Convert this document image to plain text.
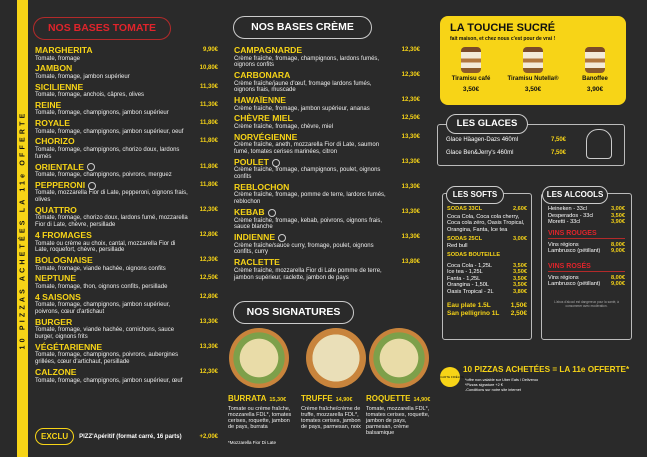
10 PIZZAS ACHETÉES LA 11e OFFERTE
NOS BASES TOMATE
MARGHERITA
Tomate, fromage
9,90€
JAMBON
Tomate, fromage, jambon supérieur
10,80€
SICILIENNE
Tomate, fromage, anchois, câpres, olives
11,30€
REINE
Tomate, fromage, champignons, jambon supérieur
11,30€
ROYALE
Tomate, fromage, champignons, jambon supérieur, oeuf
11,80€
CHORIZO
Tomate, fromage, champignons, chorizo doux, lardons fumés
11,80€
ORIENTALE
Tomate, fromage, champignons, poivrons, merguez
11,80€
PEPPERONI
Tomate, mozzarella Fior di Late, pepperoni, oignons frais, olives
11,80€
QUATTRO
Tomate, fromage, chorizo doux, lardons fumé, mozzarella Fior di Late, chèvre, persillade
12,30€
4 FROMAGES
Tomate ou crème au choix, cantal, mozzarella Fior di Late, roquefort, chèvre, persillade
12,80€
BOLOGNAISE
Tomate, fromage, viande hachée, oignons confits
12,30€
NEPTUNE
Tomate, fromage, thon, oignons confits, persillade
12,50€
4 SAISONS
Tomate, fromage, champignons, jambon supérieur, poivrons, cœur d'artichaut
12,80€
BURGER
Tomate, fromage, viande hachée, cornichons, sauce burger, oignons frits
13,30€
VÉGÉTARIENNE
Tomate, fromage, champignons, poivrons, aubergines grillées, cœur d'artichaut, persillade
13,30€
CALZONE
Tomate, fromage, champignons, jambon supérieur, œuf
12,30€
EXCLU	PIZZ'Apéritif (format carré, 16 parts)	+2,00€
NOS BASES CRÈME
CAMPAGNARDE
Crème fraîche, fromage, champignons, lardons fumés, oignons confits
12,30€
CARBONARA
Crème fraîche/jaune d'œuf, fromage lardons fumés, oignons frais, muscade
12,30€
HAWAÏENNE
Crème fraîche, fromage, jambon supérieur, ananas
12,30€
CHÈVRE MIEL
Crème fraîche, fromage, chèvre, miel
12,50€
NORVÉGIENNE
Crème fraîche, aneth, mozzarella Fior di Late, saumon fumé, tomates cerises marinées, citron
13,30€
POULET
Crème fraîche, fromage, champignons, poulet, oignons confits
13,30€
REBLOCHON
Crème fraîche, fromage, pomme de terre, lardons fumés, reblochon
13,30€
KEBAB
Crème fraîche, fromage, kebab, poivrons, oignons frais, sauce blanche
13,30€
INDIENNE
Crème fraîche/sauce curry, fromage, poulet, oignons confits, curry
13,30€
RACLETTE
Crème fraîche, mozzarella Fior di Late pomme de terre, jambon supérieur, raclette, jambon de pays
13,80€
NOS SIGNATURES
BURRATA 15,30€
Tomate ou crème fraîche, mozzarella FDL*, tomates cerises, roquette, jambon de pays, burrata
TRUFFE 14,90€
Crème fraîche/crème de truffe, mozzarella FDL*, tomates cerises, jambon de pays, parmesan, noix
ROQUETTE 14,90€
Tomate, mozzarella FDL*, tomates cerises, roquette, jambon de pays, parmesan, crème balsamique
*Mozzarella Fior Di Late
LA TOUCHE SUCRÉ
fait maison, et chez nous c'est pour de vrai !
Tiramisu café
3,50€
Tiramisu Nutella®
3,50€
Banoffee
3,90€
Glace Häagen-Dazs 460ml	7,50€
Glace Ben&Jerry's 460ml	7,50€
LES GLACES
SODAS 33CL	2,60€
Coca Cola, Coca cola cherry, Coca cola zéro, Oasis Tropical, Orangina, Fanta, Ice tea
SODAS 25CL	3,00€
Red bull
SODAS BOUTEILLE
Coca Cola - 1,25L	3,50€
Ice tea - 1,25L	3,50€
Fanta - 1,25L	3,50€
Orangina - 1,50L	3,50€
Oasis Tropical - 2L	3,80€
Eau plate 1.5L	1,50€
San pelligrino 1L 2,50€
LES SOFTS
Heineken - 33cl	3,00€
Desperados - 33cl	3,50€
Moretti - 33cl	3,90€
VINS ROUGES
Vins régions	8,00€
Lambrusco (pétillant) 9,00€
VINS ROSÉS
Vins régions	8,00€
Lambrusco (pétillant) 9,00€
L'abus d'alcool est dangereux pour la santé, à consommer avec modération.
LES ALCOOLS
CARTE FIDÉLITÉ
10 PIZZAS ACHETÉES = LA 11e OFFERTE*
*offre non-valable sur Uber Eats / Deliveroo
*Pizzas signature +2 €
-Conditions sur notre site internet
